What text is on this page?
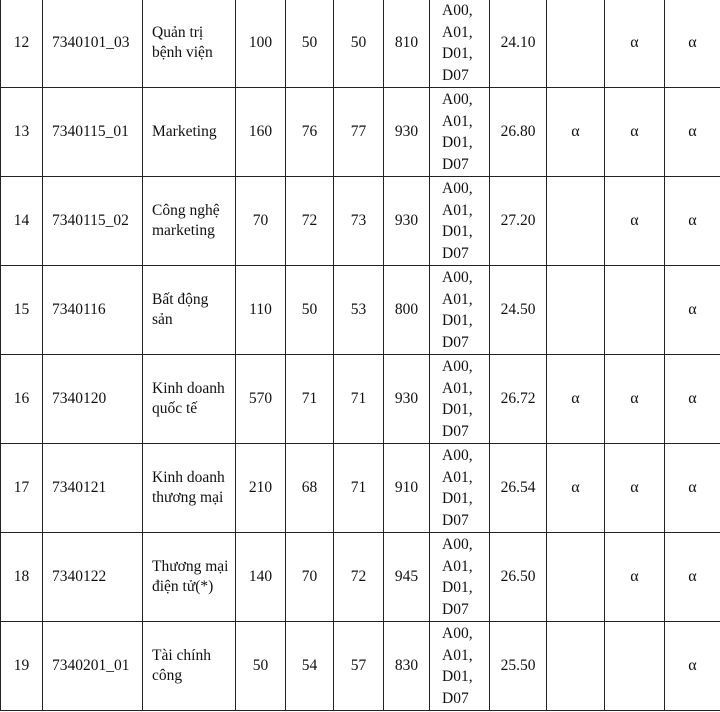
12	7340101_03	Quản trị bệnh viện	100	50	50	810	A00,
A01,
D01,
D07	24.10		α	α
13	7340115_01	Marketing	160	76	77	930	A00,
A01,
D01,
D07	26.80	α	α	α
14	7340115_02	Công nghệ marketing	70	72	73	930	A00,
A01,
D01,
D07	27.20		α	α
15	7340116	Bất động sản	110	50	53	800	A00,
A01,
D01,
D07	24.50			α
16	7340120	Kinh doanh quốc tế	570	71	71	930	A00,
A01,
D01,
D07	26.72	α	α	α
17	7340121	Kinh doanh thương mại	210	68	71	910	A00,
A01,
D01,
D07	26.54	α	α	α
18	7340122	Thương mại điện tử(*)	140	70	72	945	A00,
A01,
D01,
D07	26.50		α	α
19	7340201_01	Tài chính công	50	54	57	830	A00,
A01,
D01,
D07	25.50			α
